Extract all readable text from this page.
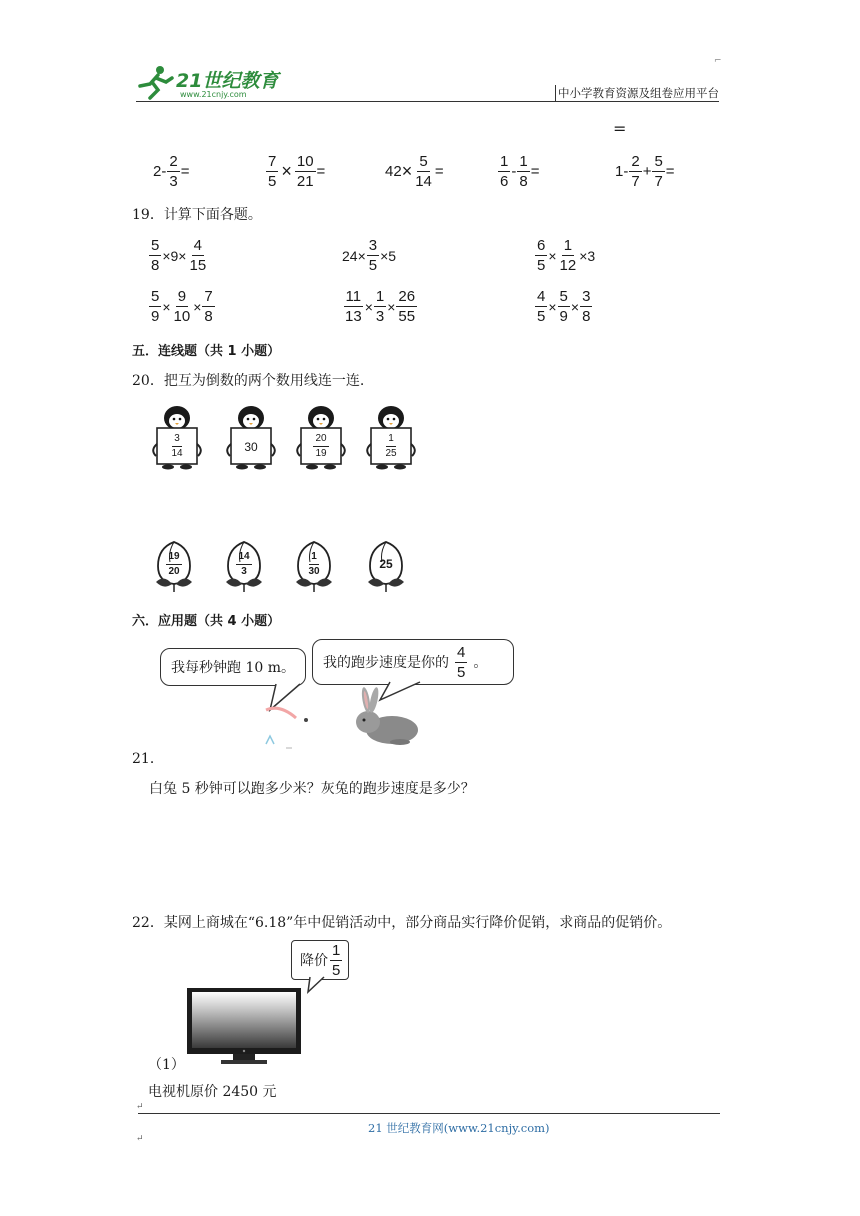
21世纪教育
www.21cnjy.com
⌐
中小学教育资源及组卷应用平台
=
$2 - \frac{2}{3}$ =	$\frac{7}{5} \times \frac{10}{21}$ =	$42 \times \frac{5}{14}$ =	$\frac{1}{6} - \frac{1}{8}$ =	$1 - \frac{2}{7} + \frac{5}{7}$ =
19．计算下面各题。
$\frac{5}{8} \times 9\times \frac{4}{15}$	$24\times \frac{3}{5} \times 5$	$\frac{6}{5} \times \frac{1}{12} \times 3$
$\frac{5}{9} \times \frac{9}{10} \times \frac{7}{8}$	$\frac{11}{13} \times \frac{1}{3} \times \frac{26}{55}$	$\frac{4}{5} \times \frac{5}{9} \times \frac{3}{8}$
五．连线题（共 1 小题）
20．把互为倒数的两个数用线连一连.
$\frac{3}{14}$	30	$\frac{20}{19}$	$\frac{1}{25}$
$\frac{19}{20}$	$\frac{14}{3}$	$\frac{1}{30}$	25
六．应用题（共 4 小题）
我每秒钟跑 10 m。 我的跑步速度是你的 $\frac{4}{5}$ 。
21．
白兔 5 秒钟可以跑多少米？灰兔的跑步速度是多少？
22．某网上商城在“6.18”年中促销活动中，部分商品实行降价促销，求商品的促销价。
降价 $\frac{1}{5}$
（1）
电视机原价 2450 元
↵
21 世纪教育网(www.21cnjy.com)
↵
